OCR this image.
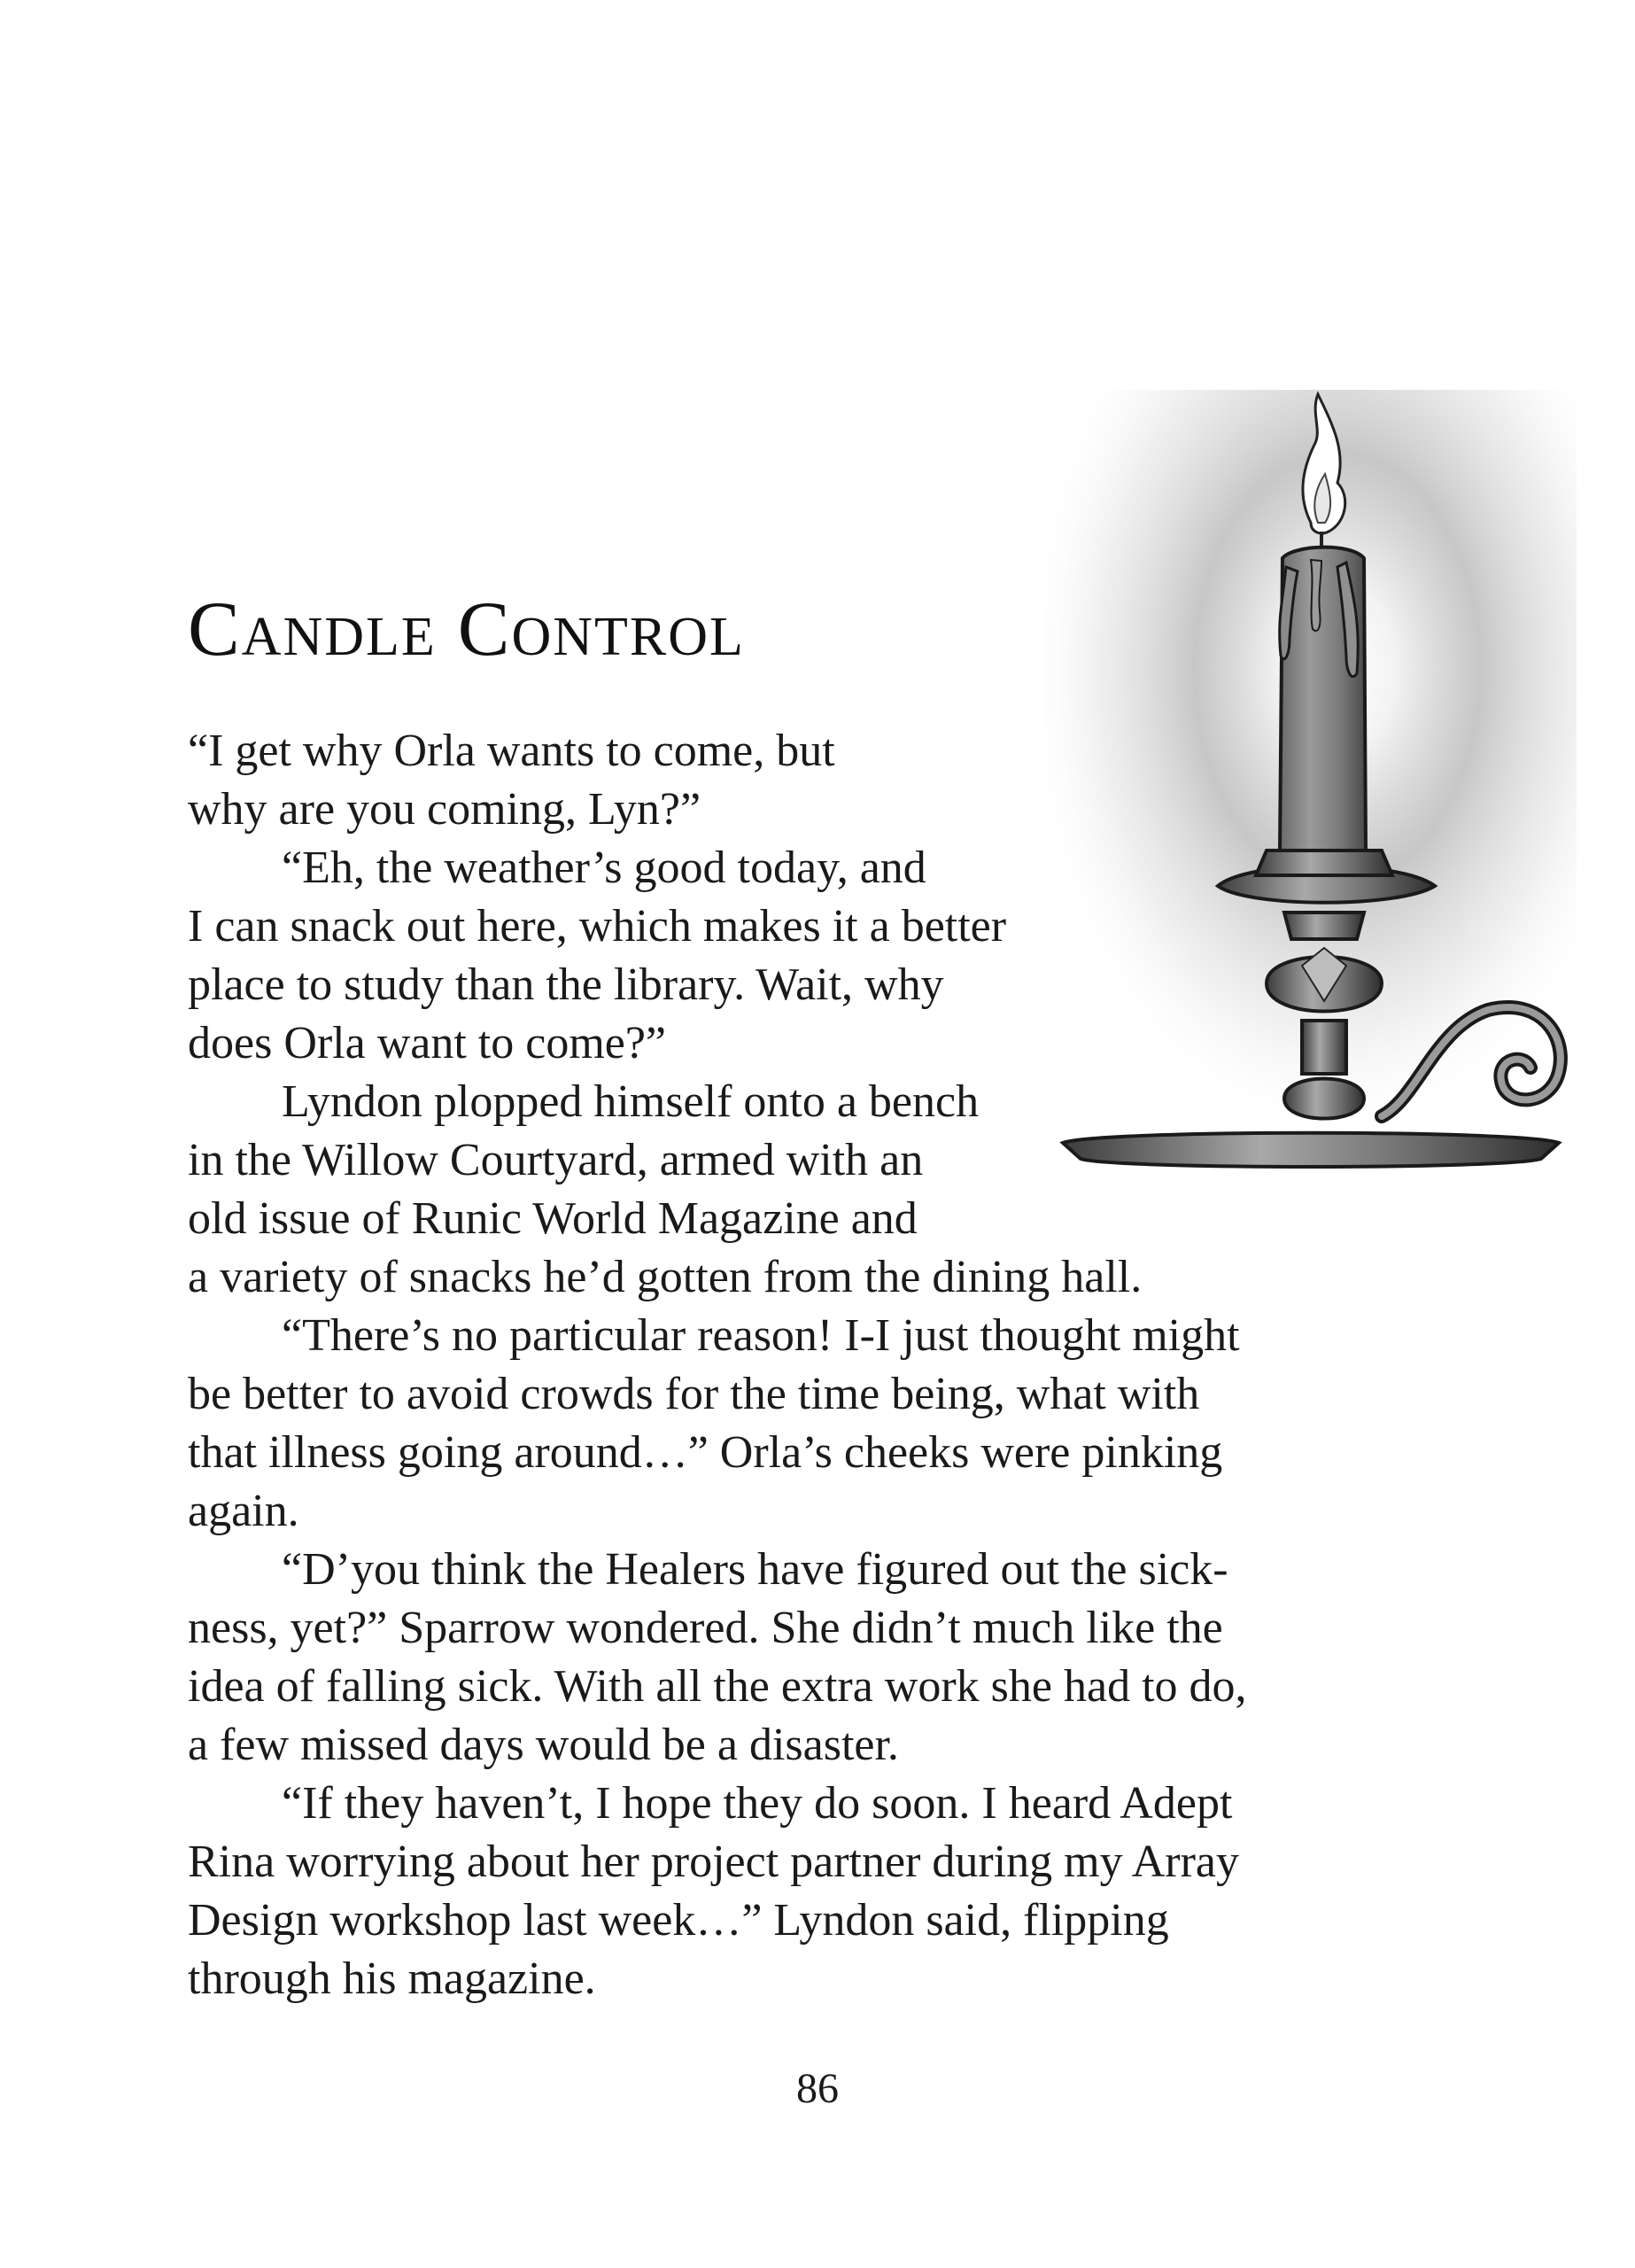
Candle Control
“I get why Orla wants to come, but
why are you coming, Lyn?”
“Eh, the weather’s good today, and
I can snack out here, which makes it a better
place to study than the library. Wait, why
does Orla want to come?”
Lyndon plopped himself onto a bench
in the Willow Courtyard, armed with an
old issue of Runic World Magazine and
a variety of snacks he’d gotten from the dining hall.
“There’s no particular reason! I-I just thought might
be better to avoid crowds for the time being, what with
that illness going around…” Orla’s cheeks were pinking
again.
“D’you think the Healers have figured out the sick-
ness, yet?” Sparrow wondered. She didn’t much like the
idea of falling sick. With all the extra work she had to do,
a few missed days would be a disaster.
“If they haven’t, I hope they do soon. I heard Adept
Rina worrying about her project partner during my Array
Design workshop last week…” Lyndon said, flipping
through his magazine.
86
